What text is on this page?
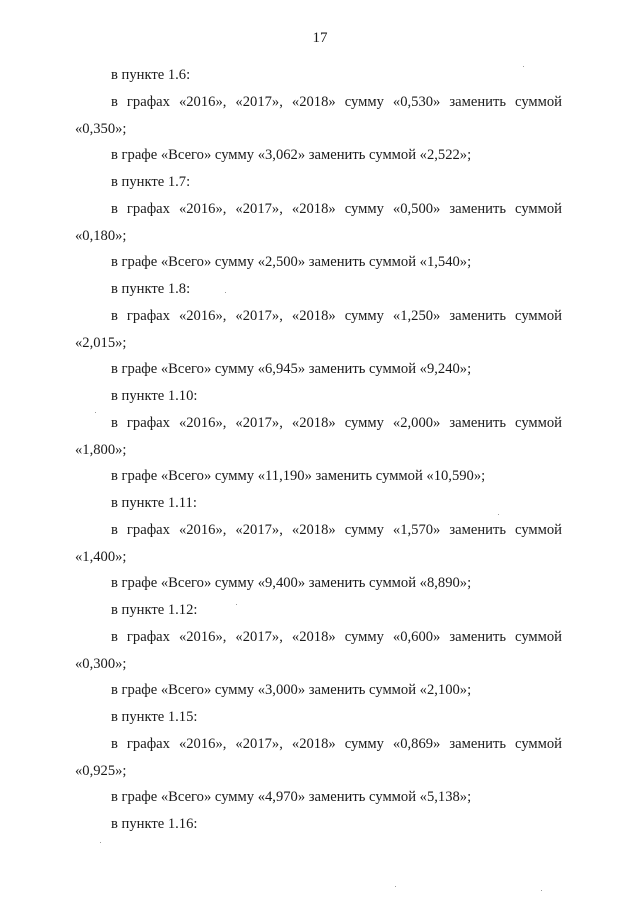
17
в пункте 1.6:
в графах «2016», «2017», «2018» сумму «0,530» заменить суммой
«0,350»;
в графе «Всего» сумму «3,062» заменить суммой «2,522»;
в пункте 1.7:
в графах «2016», «2017», «2018» сумму «0,500» заменить суммой
«0,180»;
в графе «Всего» сумму «2,500» заменить суммой «1,540»;
в пункте 1.8:
в графах «2016», «2017», «2018» сумму «1,250» заменить суммой
«2,015»;
в графе «Всего» сумму «6,945» заменить суммой «9,240»;
в пункте 1.10:
в графах «2016», «2017», «2018» сумму «2,000» заменить суммой
«1,800»;
в графе «Всего» сумму «11,190» заменить суммой «10,590»;
в пункте 1.11:
в графах «2016», «2017», «2018» сумму «1,570» заменить суммой
«1,400»;
в графе «Всего» сумму «9,400» заменить суммой «8,890»;
в пункте 1.12:
в графах «2016», «2017», «2018» сумму «0,600» заменить суммой
«0,300»;
в графе «Всего» сумму «3,000» заменить суммой «2,100»;
в пункте 1.15:
в графах «2016», «2017», «2018» сумму «0,869» заменить суммой
«0,925»;
в графе «Всего» сумму «4,970» заменить суммой «5,138»;
в пункте 1.16:
